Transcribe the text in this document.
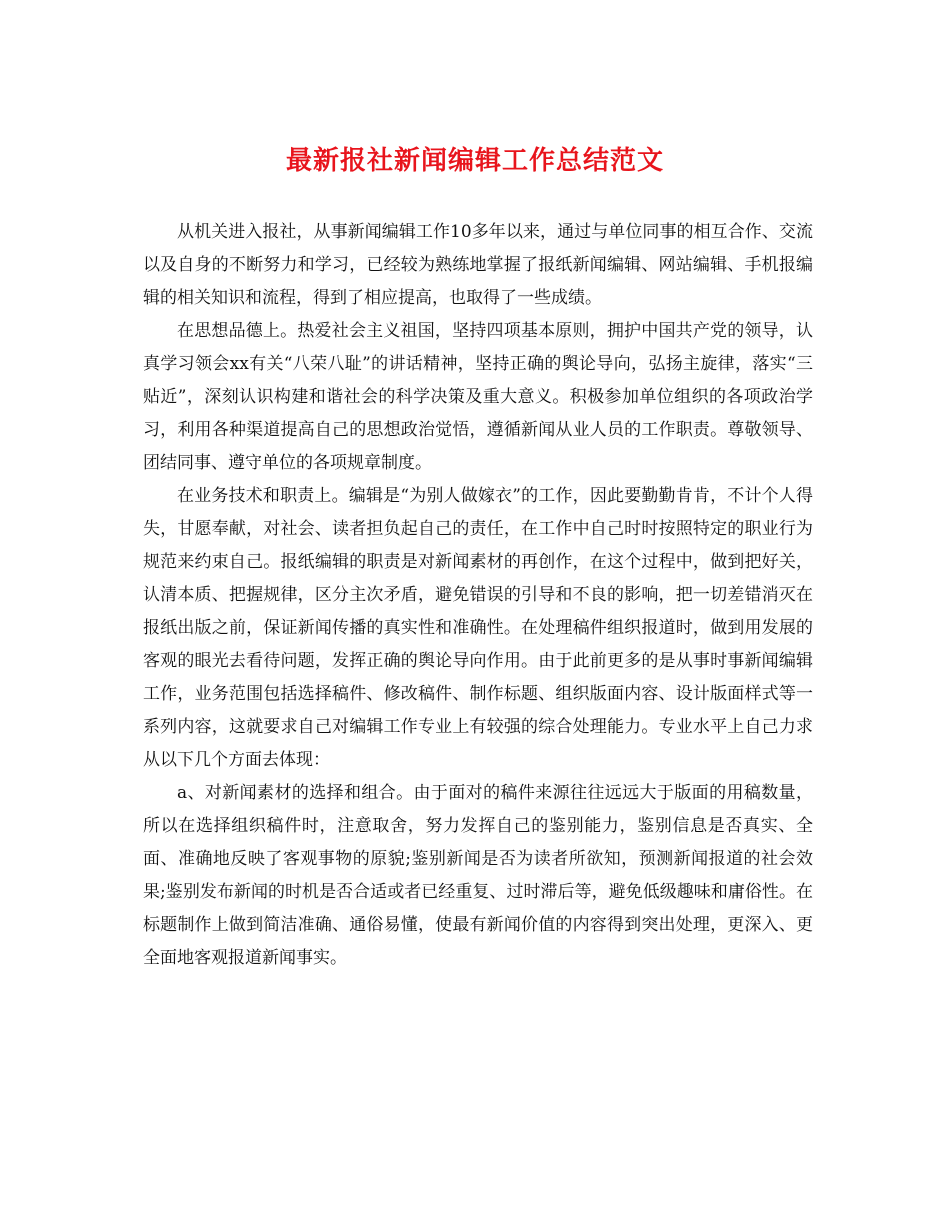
最新报社新闻编辑工作总结范文

从机关进入报社，从事新闻编辑工作10多年以来，通过与单位同事的相互合作、交流以及自身的不断努力和学习，已经较为熟练地掌握了报纸新闻编辑、网站编辑、手机报编辑的相关知识和流程，得到了相应提高，也取得了一些成绩。

在思想品德上。热爱社会主义祖国，坚持四项基本原则，拥护中国共产党的领导，认真学习领会xx有关“八荣八耻”的讲话精神，坚持正确的舆论导向，弘扬主旋律，落实“三贴近”，深刻认识构建和谐社会的科学决策及重大意义。积极参加单位组织的各项政治学习，利用各种渠道提高自己的思想政治觉悟，遵循新闻从业人员的工作职责。尊敬领导、团结同事、遵守单位的各项规章制度。

在业务技术和职责上。编辑是“为别人做嫁衣”的工作，因此要勤勤肯肯，不计个人得失，甘愿奉献，对社会、读者担负起自己的责任，在工作中自己时时按照特定的职业行为规范来约束自己。报纸编辑的职责是对新闻素材的再创作，在这个过程中，做到把好关，认清本质、把握规律，区分主次矛盾，避免错误的引导和不良的影响，把一切差错消灭在报纸出版之前，保证新闻传播的真实性和准确性。在处理稿件组织报道时，做到用发展的客观的眼光去看待问题，发挥正确的舆论导向作用。由于此前更多的是从事时事新闻编辑工作，业务范围包括选择稿件、修改稿件、制作标题、组织版面内容、设计版面样式等一系列内容，这就要求自己对编辑工作专业上有较强的综合处理能力。专业水平上自己力求从以下几个方面去体现：

a、对新闻素材的选择和组合。由于面对的稿件来源往往远远大于版面的用稿数量，所以在选择组织稿件时，注意取舍，努力发挥自己的鉴别能力，鉴别信息是否真实、全面、准确地反映了客观事物的原貌;鉴别新闻是否为读者所欲知，预测新闻报道的社会效果;鉴别发布新闻的时机是否合适或者已经重复、过时滞后等，避免低级趣味和庸俗性。在标题制作上做到简洁准确、通俗易懂，使最有新闻价值的内容得到突出处理，更深入、更全面地客观报道新闻事实。
